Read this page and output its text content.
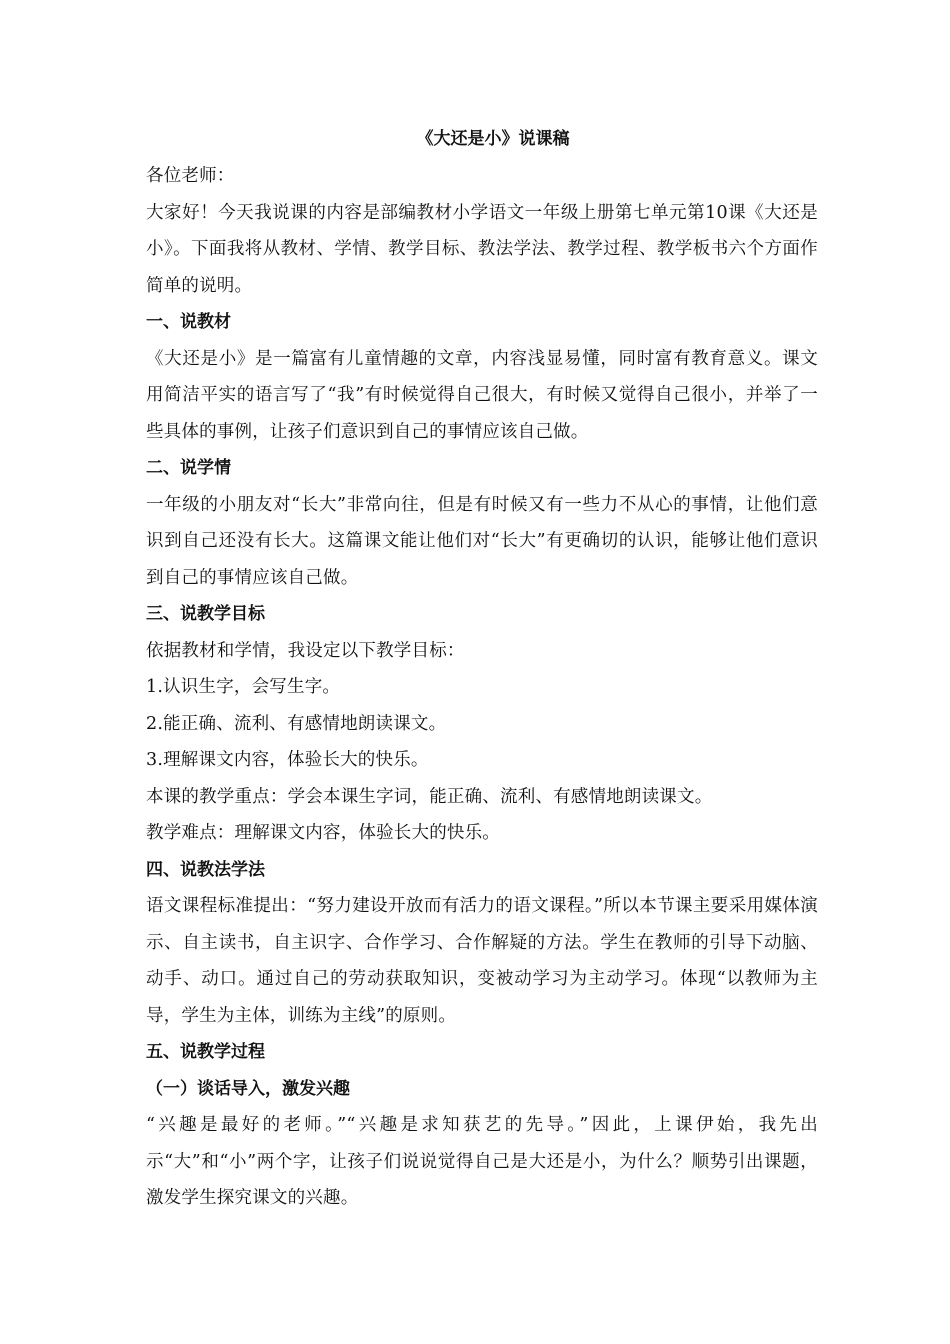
《大还是小》说课稿

各位老师：

大家好！今天我说课的内容是部编教材小学语文一年级上册第七单元第10课《大还是小》。下面我将从教材、学情、教学目标、教法学法、教学过程、教学板书六个方面作简单的说明。

一、说教材

《大还是小》是一篇富有儿童情趣的文章，内容浅显易懂，同时富有教育意义。课文用简洁平实的语言写了“我”有时候觉得自己很大，有时候又觉得自己很小，并举了一些具体的事例，让孩子们意识到自己的事情应该自己做。

二、说学情

一年级的小朋友对“长大”非常向往，但是有时候又有一些力不从心的事情，让他们意识到自己还没有长大。这篇课文能让他们对“长大”有更确切的认识，能够让他们意识到自己的事情应该自己做。

三、说教学目标

依据教材和学情，我设定以下教学目标：

1.认识生字，会写生字。

2.能正确、流利、有感情地朗读课文。

3.理解课文内容，体验长大的快乐。

本课的教学重点：学会本课生字词，能正确、流利、有感情地朗读课文。

教学难点：理解课文内容，体验长大的快乐。

四、说教法学法

语文课程标准提出：“努力建设开放而有活力的语文课程。”所以本节课主要采用媒体演示、自主读书，自主识字、合作学习、合作解疑的方法。学生在教师的引导下动脑、动手、动口。通过自己的劳动获取知识，变被动学习为主动学习。体现“以教师为主导，学生为主体，训练为主线”的原则。

五、说教学过程

（一）谈话导入，激发兴趣

“兴趣是最好的老师。”“兴趣是求知获艺的先导。”因此，上课伊始，我先出示“大”和“小”两个字，让孩子们说说觉得自己是大还是小，为什么？顺势引出课题，激发学生探究课文的兴趣。
